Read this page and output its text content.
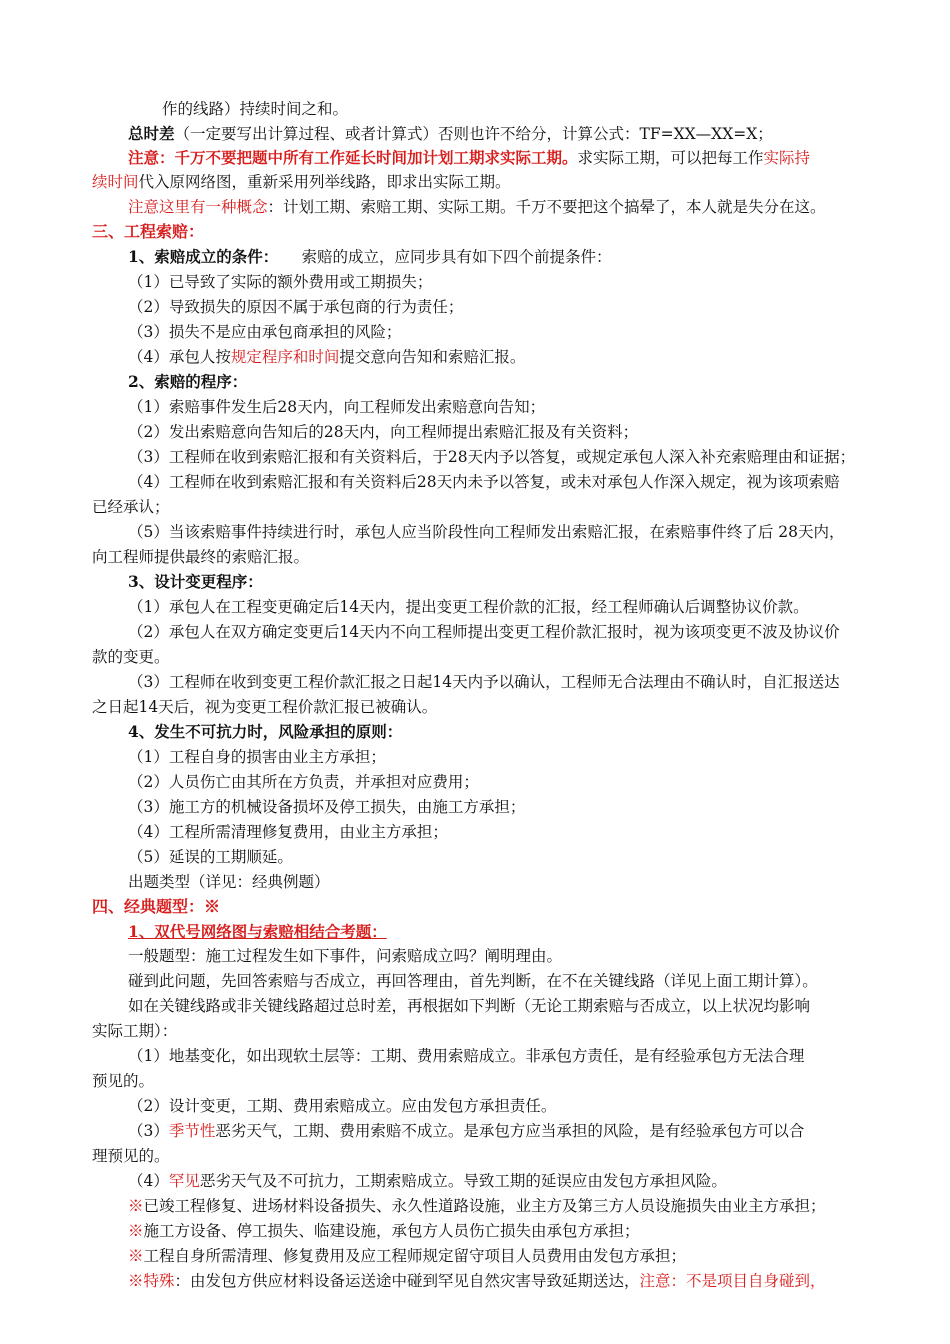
作的线路）持续时间之和。
总时差（一定要写出计算过程、或者计算式）否则也许不给分，计算公式：TF=XX—XX=X；
注意：千万不要把题中所有工作延长时间加计划工期求实际工期。求实际工期，可以把每工作实际持
续时间代入原网络图，重新采用列举线路，即求出实际工期。
注意这里有一种概念：计划工期、索赔工期、实际工期。千万不要把这个搞晕了，本人就是失分在这。
三、工程索赔：
1、索赔成立的条件：　　索赔的成立，应同步具有如下四个前提条件：
（1）已导致了实际的额外费用或工期损失；
（2）导致损失的原因不属于承包商的行为责任；
（3）损失不是应由承包商承担的风险；
（4）承包人按规定程序和时间提交意向告知和索赔汇报。
2、索赔的程序：
（1）索赔事件发生后28天内，向工程师发出索赔意向告知；
（2）发出索赔意向告知后的28天内，向工程师提出索赔汇报及有关资料；
（3）工程师在收到索赔汇报和有关资料后，于28天内予以答复，或规定承包人深入补充索赔理由和证据；
（4）工程师在收到索赔汇报和有关资料后28天内未予以答复，或未对承包人作深入规定，视为该项索赔
已经承认；
（5）当该索赔事件持续进行时，承包人应当阶段性向工程师发出索赔汇报，在索赔事件终了后 28天内，
向工程师提供最终的索赔汇报。
3、设计变更程序：
（1）承包人在工程变更确定后14天内，提出变更工程价款的汇报，经工程师确认后调整协议价款。
（2）承包人在双方确定变更后14天内不向工程师提出变更工程价款汇报时，视为该项变更不波及协议价
款的变更。
（3）工程师在收到变更工程价款汇报之日起14天内予以确认，工程师无合法理由不确认时，自汇报送达
之日起14天后，视为变更工程价款汇报已被确认。
4、发生不可抗力时，风险承担的原则：
（1）工程自身的损害由业主方承担；
（2）人员伤亡由其所在方负责，并承担对应费用；
（3）施工方的机械设备损坏及停工损失，由施工方承担；
（4）工程所需清理修复费用，由业主方承担；
（5）延误的工期顺延。
出题类型（详见：经典例题）
四、经典题型：※
1、双代号网络图与索赔相结合考题：
一般题型：施工过程发生如下事件，问索赔成立吗？阐明理由。
碰到此问题，先回答索赔与否成立，再回答理由，首先判断，在不在关键线路（详见上面工期计算）。
如在关键线路或非关键线路超过总时差，再根据如下判断（无论工期索赔与否成立，以上状况均影响
实际工期）：
（1）地基变化，如出现软土层等：工期、费用索赔成立。非承包方责任，是有经验承包方无法合理
预见的。
（2）设计变更，工期、费用索赔成立。应由发包方承担责任。
（3）季节性恶劣天气，工期、费用索赔不成立。是承包方应当承担的风险，是有经验承包方可以合
理预见的。
（4）罕见恶劣天气及不可抗力，工期索赔成立。导致工期的延误应由发包方承担风险。
※已竣工程修复、进场材料设备损失、永久性道路设施，业主方及第三方人员设施损失由业主方承担；
※施工方设备、停工损失、临建设施，承包方人员伤亡损失由承包方承担；
※工程自身所需清理、修复费用及应工程师规定留守项目人员费用由发包方承担；
※特殊：由发包方供应材料设备运送途中碰到罕见自然灾害导致延期送达，注意：不是项目自身碰到，
